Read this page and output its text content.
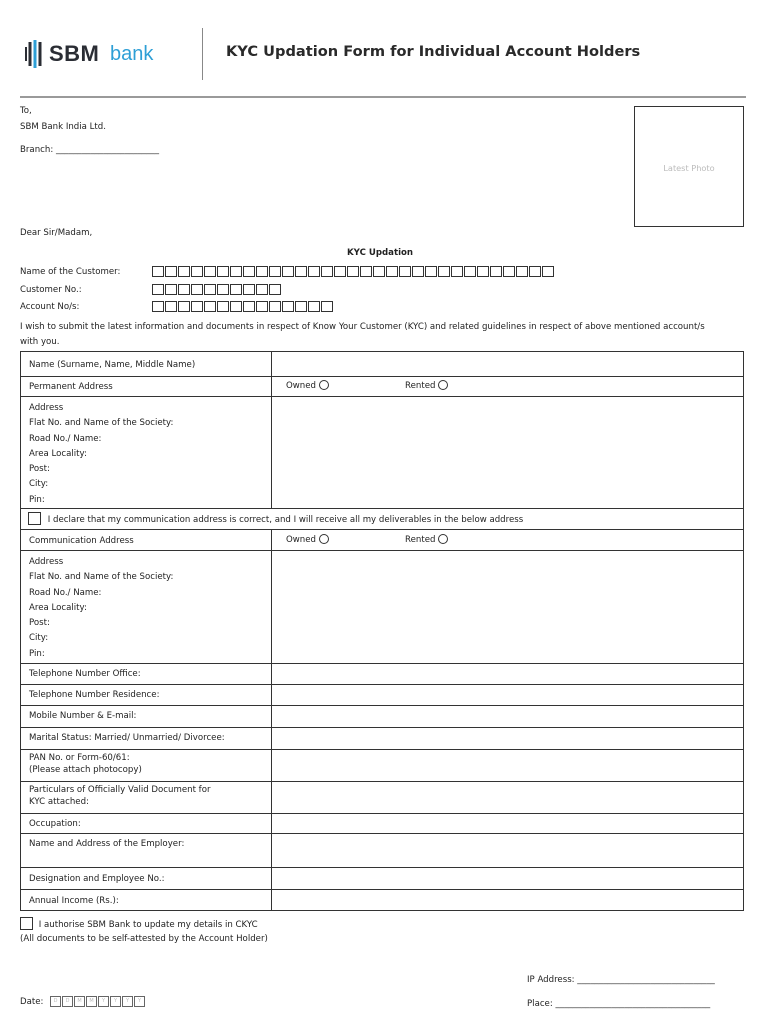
SBM bank	KYC Updation Form for Individual Account Holders
To,
SBM Bank India Ltd.
Branch: ________________________
Latest Photo
Dear Sir/Madam,
KYC Updation
Name of the Customer:
Customer No.:
Account No/s:
I wish to submit the latest information and documents in respect of Know Your Customer (KYC) and related guidelines in respect of above mentioned account/s
with you.
Name (Surname, Name, Middle Name)
Permanent Address	Owned	Rented
Address
Flat No. and Name of the Society:
Road No./ Name:
Area Locality:
Post:
City:
Pin:
I declare that my communication address is correct, and I will receive all my deliverables in the below address
Communication Address	Owned	Rented
Address
Flat No. and Name of the Society:
Road No./ Name:
Area Locality:
Post:
City:
Pin:
Telephone Number Office:
Telephone Number Residence:
Mobile Number & E-mail:
Marital Status: Married/ Unmarried/ Divorcee:
PAN No. or Form-60/61:
(Please attach photocopy)
Particulars of Officially Valid Document for
KYC attached:
Occupation:
Name and Address of the Employer:
Designation and Employee No.:
Annual Income (Rs.):
I authorise SBM Bank to update my details in CKYC
(All documents to be self-attested by the Account Holder)
IP Address: ________________________________
Date:	D	D	M	M	Y	Y	Y	Y	Place: ____________________________________
